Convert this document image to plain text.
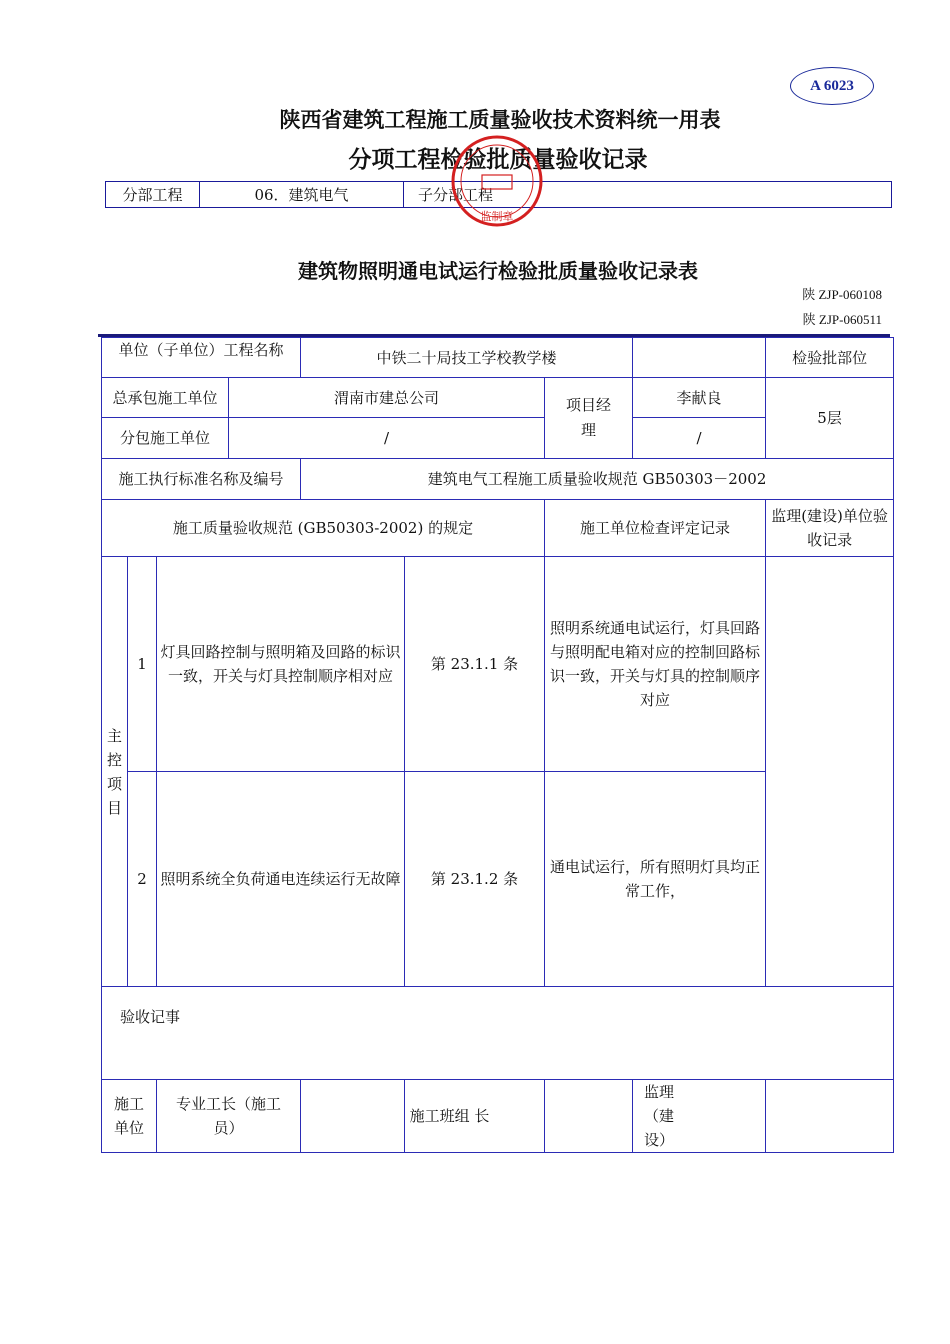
A 6023
陕西省建筑工程施工质量验收技术资料统一用表
分项工程检验批质量验收记录
分部工程	06．建筑电气	子分部工程
监制章
建筑物照明通电试运行检验批质量验收记录表
陕 ZJP-060108
陕 ZJP-060511
单位（子单位）工程名称				中铁二十局技工学校教学楼				检验批部位
总承包施工单位			渭南市建总公司			项目经理	李献良	5层
分包施工单位			/				/	
施工执行标准名称及编号				建筑电气工程施工质量验收规范 GB50303－2002				
施工质量验收规范 (GB50303-2002) 的规定						施工单位检查评定记录		监理(建设)单位验收记录
主控项目	1	灯具回路控制与照明箱及回路的标识一致，开关与灯具控制顺序相对应			第 23.1.1 条	照明系统通电试运行，灯具回路与照明配电箱对应的控制回路标识一致，开关与灯具的控制顺序对应		
	2	照明系统全负荷通电连续运行无故障			第 23.1.2 条	通电试运行，所有照明灯具均正常工作，		
验收记事								
施工单位		专业工长（施工员）			施工班组 长		监理（建设）	
